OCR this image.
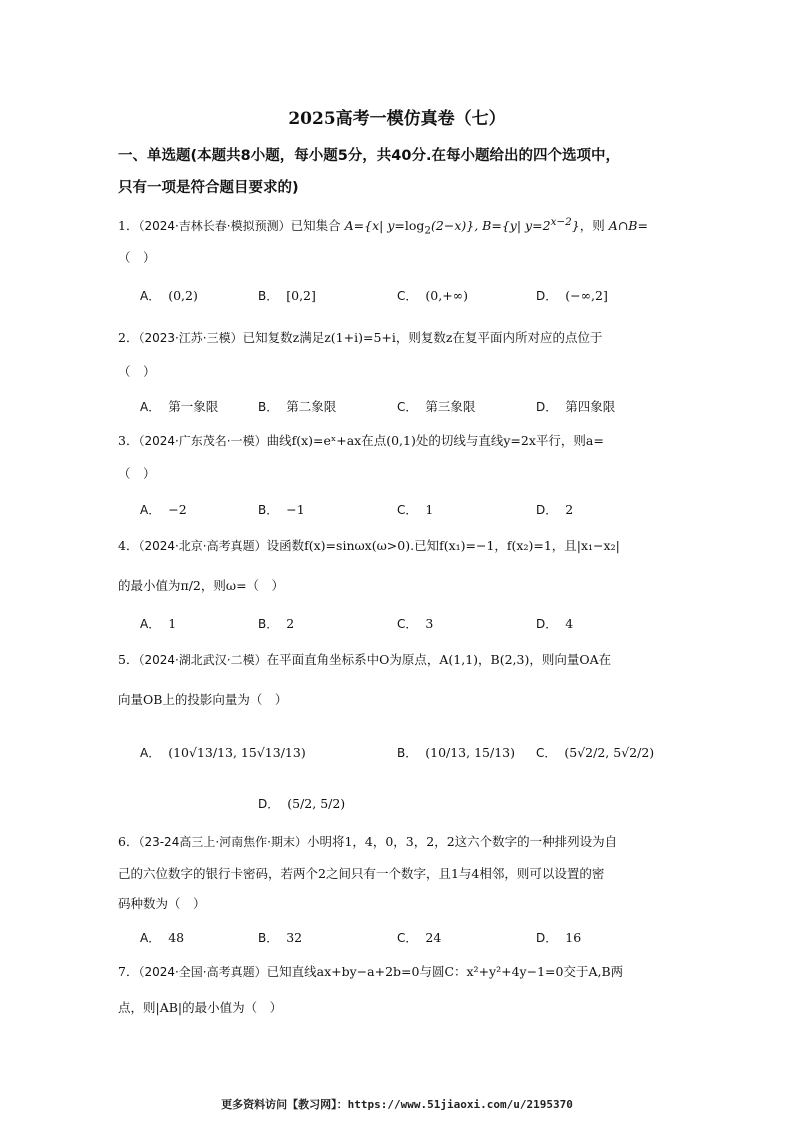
2025高考一模仿真卷（七）
一、单选题(本题共8小题，每小题5分，共40分.在每小题给出的四个选项中，
只有一项是符合题目要求的)
1．（2024·吉林长春·模拟预测）已知集合 A={x| $y=\log_2(2-x)$}, B={y| $y=2^{x-2}$}，则 A∩B=
（　）
A． (0,2)	B． [0,2]	C． (0,+∞)	D． (−∞,2]
2．（2023·江苏·三模）已知复数z满足z(1+i)=5+i，则复数z在复平面内所对应的点位于
（　）
A． 第一象限	B． 第二象限	C． 第三象限	D． 第四象限
3．（2024·广东茂名·一模）曲线f(x)=eˣ+ax在点(0,1)处的切线与直线y=2x平行，则a=
（　）
A． −2	B． −1	C． 1	D． 2
4．（2024·北京·高考真题）设函数f(x)=sinωx(ω>0).已知f(x₁)=−1，f(x₂)=1，且|x₁−x₂|
的最小值为π/2，则ω=（　）
A． 1	B． 2	C． 3	D． 4
5．（2024·湖北武汉·二模）在平面直角坐标系中O为原点，A(1,1)，B(2,3)，则向量OA在
向量OB上的投影向量为（　）
A． (10√13/13, 15√13/13)	B． (10/13, 15/13) C． (5√2/2, 5√2/2)
D． (5/2, 5/2)
6．（23-24高三上·河南焦作·期末）小明将1，4，0，3，2，2这六个数字的一种排列设为自
己的六位数字的银行卡密码，若两个2之间只有一个数字，且1与4相邻，则可以设置的密
码种数为（　）
A． 48	B． 32	C． 24	D． 16
7．（2024·全国·高考真题）已知直线ax+by−a+2b=0与圆C：x²+y²+4y−1=0交于A,B两
点，则|AB|的最小值为（　）
更多资料访问【教习网】：https://www.51jiaoxi.com/u/2195370
